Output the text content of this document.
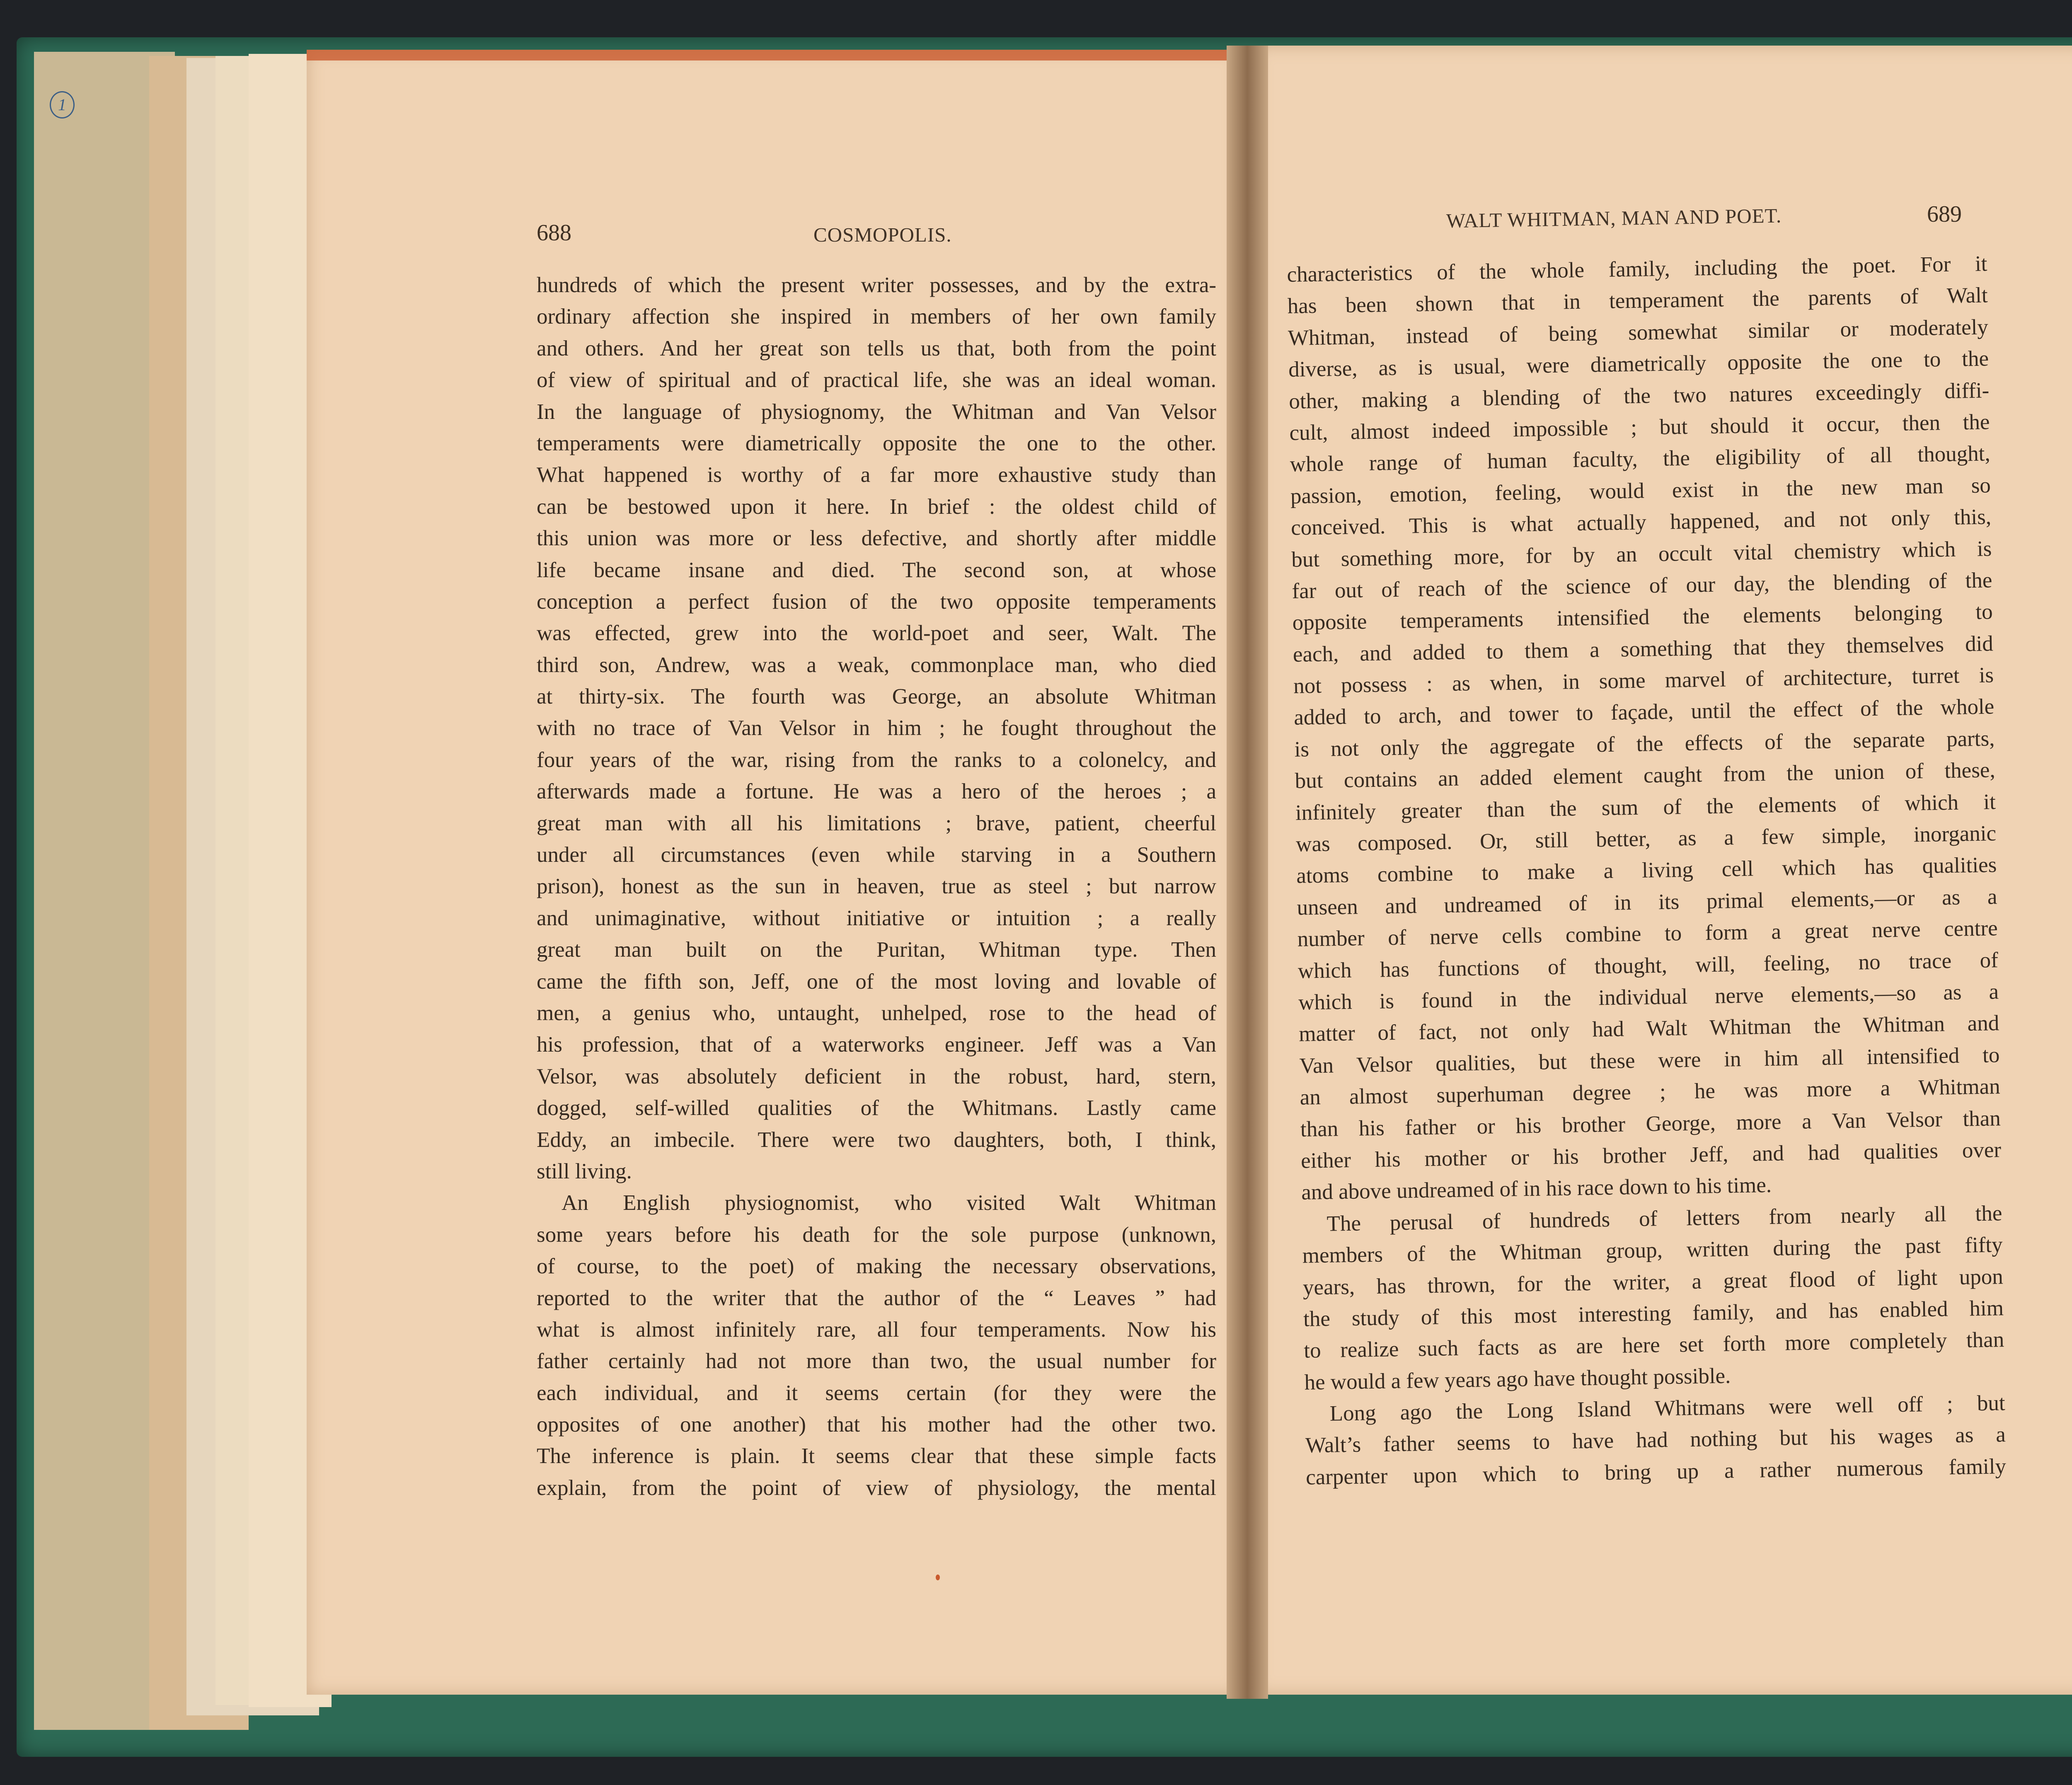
1
688	COSMOPOLIS.
hundreds of which the present writer possesses, and by the extra-
ordinary affection she inspired in members of her own family
and others. And her great son tells us that, both from the point
of view of spiritual and of practical life, she was an ideal woman.
In the language of physiognomy, the Whitman and Van Velsor
temperaments were diametrically opposite the one to the other.
What happened is worthy of a far more exhaustive study than
can be bestowed upon it here. In brief : the oldest child of
this union was more or less defective, and shortly after middle
life became insane and died. The second son, at whose
conception a perfect fusion of the two opposite temperaments
was effected, grew into the world-poet and seer, Walt. The
third son, Andrew, was a weak, commonplace man, who died
at thirty-six. The fourth was George, an absolute Whitman
with no trace of Van Velsor in him ; he fought throughout the
four years of the war, rising from the ranks to a colonelcy, and
afterwards made a fortune. He was a hero of the heroes ; a
great man with all his limitations ; brave, patient, cheerful
under all circumstances (even while starving in a Southern
prison), honest as the sun in heaven, true as steel ; but narrow
and unimaginative, without initiative or intuition ; a really
great man built on the Puritan, Whitman type. Then
came the fifth son, Jeff, one of the most loving and lovable of
men, a genius who, untaught, unhelped, rose to the head of
his profession, that of a waterworks engineer. Jeff was a Van
Velsor, was absolutely deficient in the robust, hard, stern,
dogged, self-willed qualities of the Whitmans. Lastly came
Eddy, an imbecile. There were two daughters, both, I think,
still living.
An English physiognomist, who visited Walt Whitman
some years before his death for the sole purpose (unknown,
of course, to the poet) of making the necessary observations,
reported to the writer that the author of the “ Leaves ” had
what is almost infinitely rare, all four temperaments. Now his
father certainly had not more than two, the usual number for
each individual, and it seems certain (for they were the
opposites of one another) that his mother had the other two.
The inference is plain. It seems clear that these simple facts
explain, from the point of view of physiology, the mental
WALT WHITMAN, MAN AND POET.	689
characteristics of the whole family, including the poet. For it
has been shown that in temperament the parents of Walt
Whitman, instead of being somewhat similar or moderately
diverse, as is usual, were diametrically opposite the one to the
other, making a blending of the two natures exceedingly diffi-
cult, almost indeed impossible ; but should it occur, then the
whole range of human faculty, the eligibility of all thought,
passion, emotion, feeling, would exist in the new man so
conceived. This is what actually happened, and not only this,
but something more, for by an occult vital chemistry which is
far out of reach of the science of our day, the blending of the
opposite temperaments intensified the elements belonging to
each, and added to them a something that they themselves did
not possess : as when, in some marvel of architecture, turret is
added to arch, and tower to façade, until the effect of the whole
is not only the aggregate of the effects of the separate parts,
but contains an added element caught from the union of these,
infinitely greater than the sum of the elements of which it
was composed. Or, still better, as a few simple, inorganic
atoms combine to make a living cell which has qualities
unseen and undreamed of in its primal elements,—or as a
number of nerve cells combine to form a great nerve centre
which has functions of thought, will, feeling, no trace of
which is found in the individual nerve elements,—so as a
matter of fact, not only had Walt Whitman the Whitman and
Van Velsor qualities, but these were in him all intensified to
an almost superhuman degree ; he was more a Whitman
than his father or his brother George, more a Van Velsor than
either his mother or his brother Jeff, and had qualities over
and above undreamed of in his race down to his time.
The perusal of hundreds of letters from nearly all the
members of the Whitman group, written during the past fifty
years, has thrown, for the writer, a great flood of light upon
the study of this most interesting family, and has enabled him
to realize such facts as are here set forth more completely than
he would a few years ago have thought possible.
Long ago the Long Island Whitmans were well off ; but
Walt’s father seems to have had nothing but his wages as a
carpenter upon which to bring up a rather numerous family
